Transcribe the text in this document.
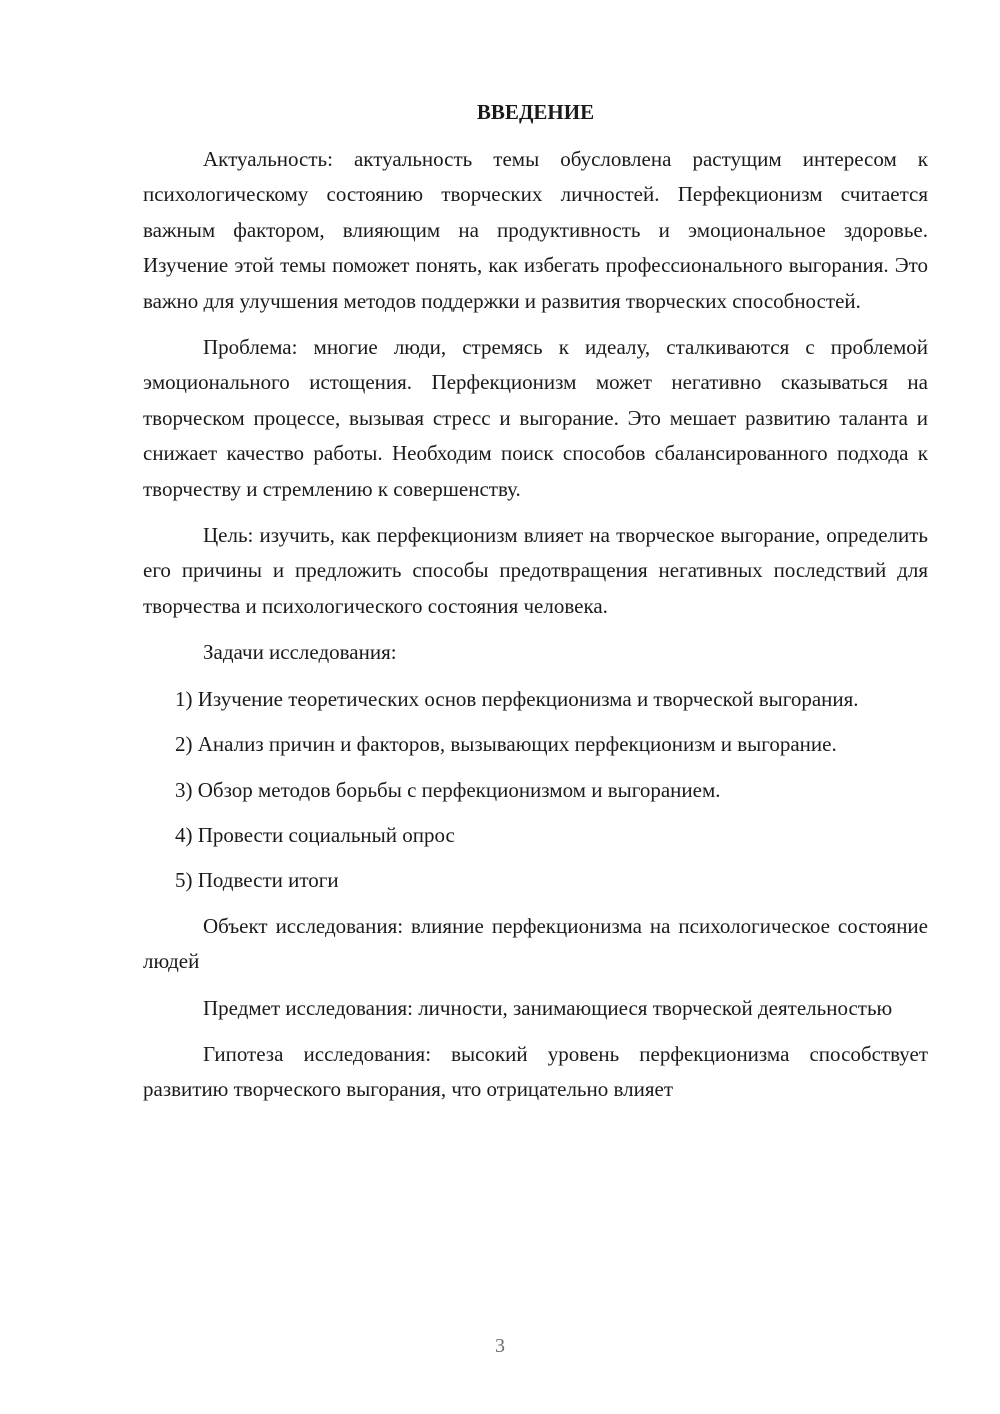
ВВЕДЕНИЕ

Актуальность: актуальность темы обусловлена растущим интересом к психологическому состоянию творческих личностей. Перфекционизм считается важным фактором, влияющим на продуктивность и эмоциональное здоровье. Изучение этой темы поможет понять, как избегать профессионального выгорания. Это важно для улучшения методов поддержки и развития творческих способностей.

Проблема: многие люди, стремясь к идеалу, сталкиваются с проблемой эмоционального истощения. Перфекционизм может негативно сказываться на творческом процессе, вызывая стресс и выгорание. Это мешает развитию таланта и снижает качество работы. Необходим поиск способов сбалансированного подхода к творчеству и стремлению к совершенству.

Цель: изучить, как перфекционизм влияет на творческое выгорание, определить его причины и предложить способы предотвращения негативных последствий для творчества и психологического состояния человека.

Задачи исследования:

1) Изучение теоретических основ перфекционизма и творческой выгорания.

2) Анализ причин и факторов, вызывающих перфекционизм и выгорание.

3) Обзор методов борьбы с перфекционизмом и выгоранием.

4) Провести социальный опрос

5) Подвести итоги

Объект исследования: влияние перфекционизма на психологическое состояние людей

Предмет исследования: личности, занимающиеся творческой деятельностью

Гипотеза исследования: высокий уровень перфекционизма способствует развитию творческого выгорания, что отрицательно влияет

3
